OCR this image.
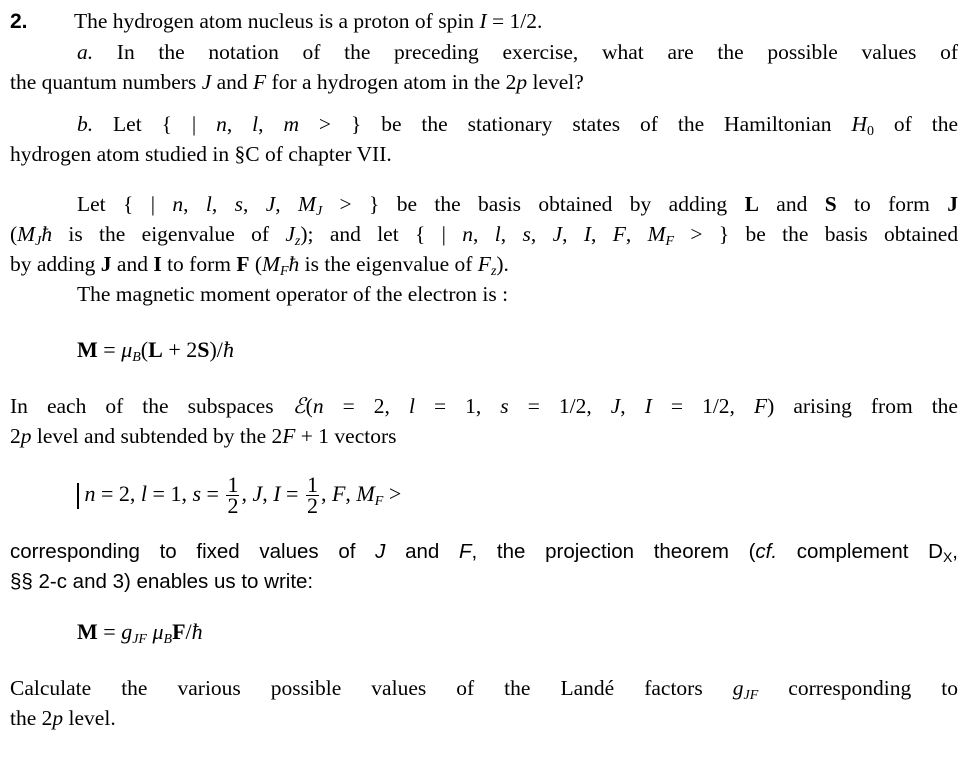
2. The hydrogen atom nucleus is a proton of spin I = 1/2.
a. In the notation of the preceding exercise, what are the possible values of
the quantum numbers J and F for a hydrogen atom in the 2p level?
b. Let { | n, l, m > } be the stationary states of the Hamiltonian $H_0$ of the
hydrogen atom studied in §C of chapter VII.
Let { | n, l, s, J, $M_J$ > } be the basis obtained by adding L and S to form J
($M_Jħ$ is the eigenvalue of $J_z$); and let { | n, l, s, J, I, F, $M_F$ > } be the basis obtained
by adding J and I to form F ($M_Fħ$ is the eigenvalue of $F_z$).
The magnetic moment operator of the electron is :
$M = \mu_B(L$ + 2S)/ħ
In each of the subspaces ℰ(n = 2, l = 1, s = 1/2, J, I = 1/2, F) arising from the
2p level and subtended by the 2F + 1 vectors
n = 2, l = 1, $s = \frac{1}{2}$ , J, $I = \frac{1}{2}$ , F, $M_F$ >
corresponding to fixed values of J and F, the projection theorem (cf. complement $D_X$,
§§ 2-c and 3) enables us to write:
$M = g_{JF}$ $\mu_BF/ħ$
Calculate the various possible values of the Landé factors $g_{JF}$ corresponding to
the 2p level.
